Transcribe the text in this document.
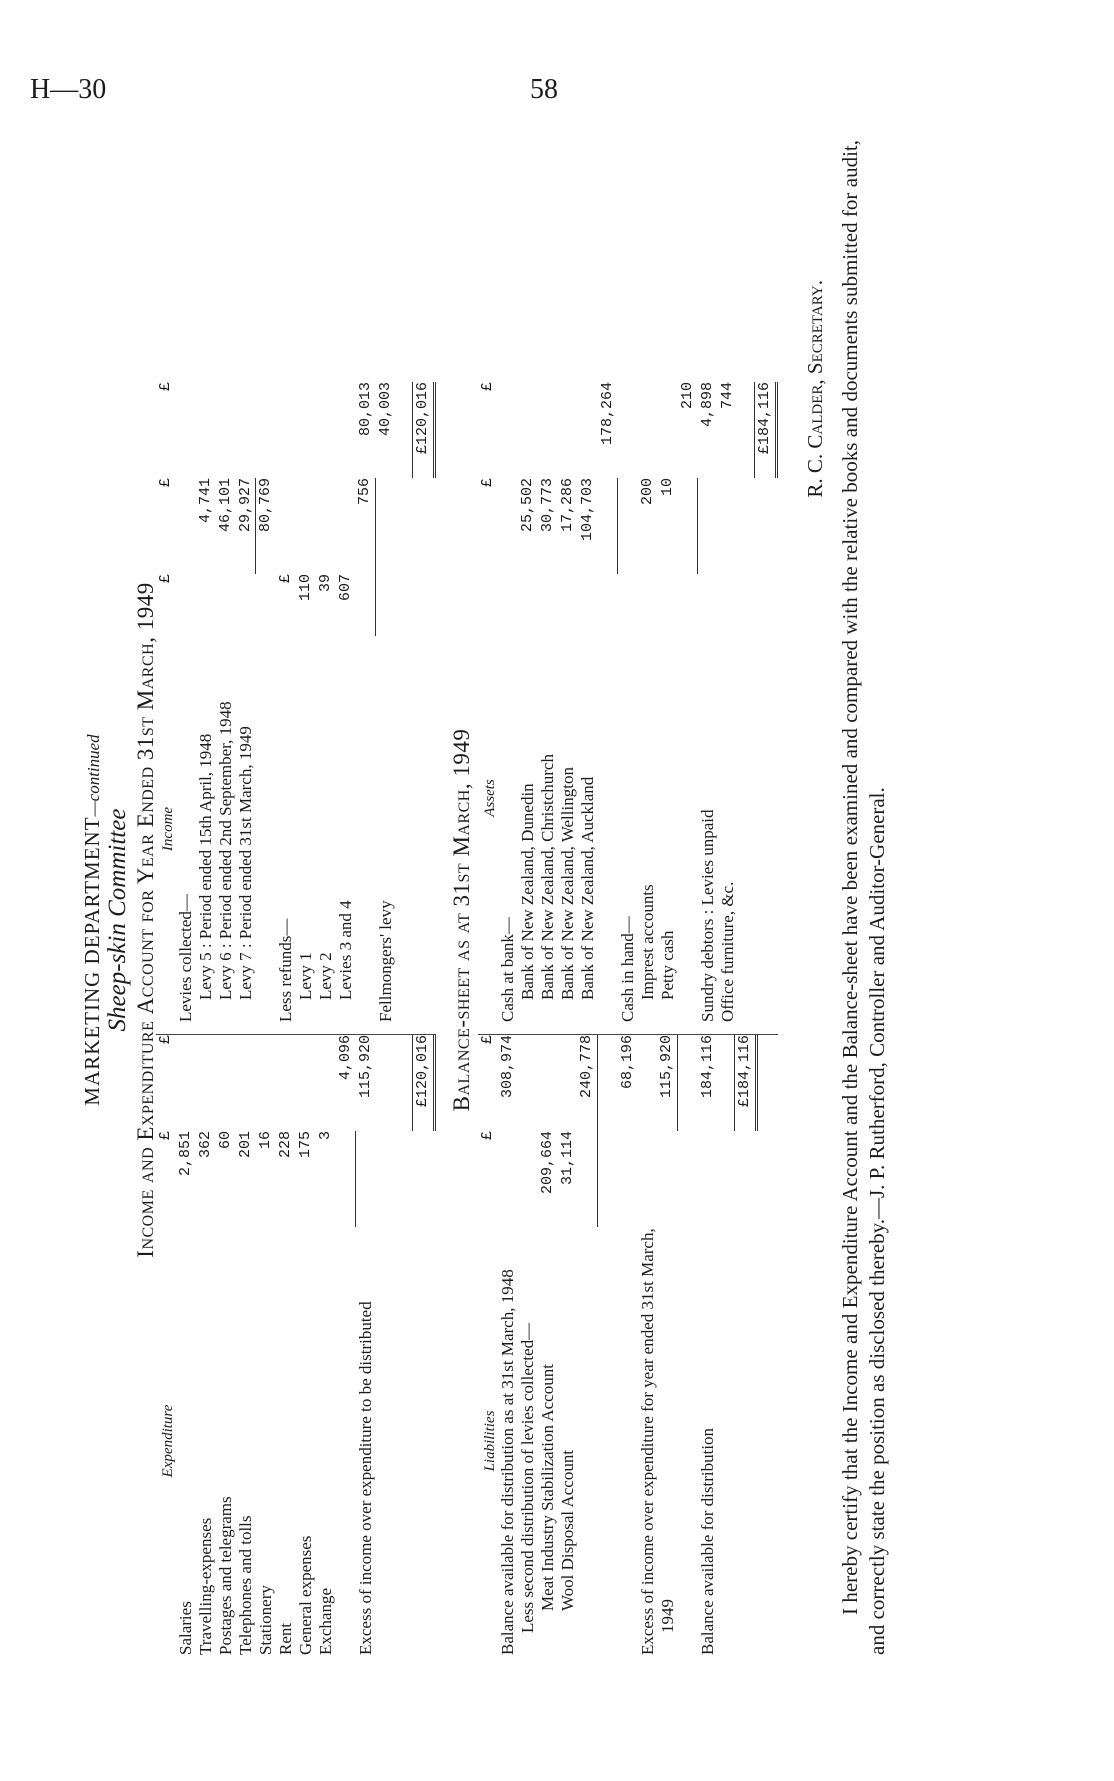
H—30	58
MARKETING DEPARTMENT—continued
Sheep-skin Committee
Income and Expenditure Account for Year Ended 31st March, 1949
Expenditure
£
£
Salaries
2,851
Travelling-expenses
362
Postages and telegrams
60
Telephones and tolls
201
Stationery
16
Rent
228
General expenses
175
Exchange
3
4,096
Excess of income over expenditure to be distributed
115,920	£120,016
Income
£
£
£
Levies collected— Levy 5 : Period ended 15th April, 1948
4,741
Levy 6 : Period ended 2nd September, 1948
46,101
Levy 7 : Period ended 31st March, 1949
29,927 80,769
Less refunds—
£
Levy 1
110
Levy 2
39
Levies 3 and 4
607
756
80,013
Fellmongers' levy
40,003 £120,016
Balance-sheet as at 31st March, 1949
Liabilities
£
£
Balance available for distribution as at 31st March, 1948
308,974
Less second distribution of levies collected— Meat Industry Stabilization Account
209,664
Wool Disposal Account
31,114
240,778 68,196
Excess of income over expenditure for year ended 31st March, 1949
115,920
Balance available for distribution
184,116 £184,116
Assets
£
£
Cash at bank— Bank of New Zealand, Dunedin
25,502
Bank of New Zealand, Christchurch
30,773
Bank of New Zealand, Wellington
17,286
Bank of New Zealand, Auckland
104,703
178,264
Cash in hand— Imprest accounts
200
Petty cash
10
210
Sundry debtors : Levies unpaid
4,898
Office furniture, &c.
744 £184,116 R. C. Calder, Secretary. I hereby certify that the Income and Expenditure Account and the Balance-sheet have been examined and compared with the relative books and documents submitted for audit, and correctly state the position as disclosed thereby.—J. P. Rutherford, Controller and Auditor-General.
